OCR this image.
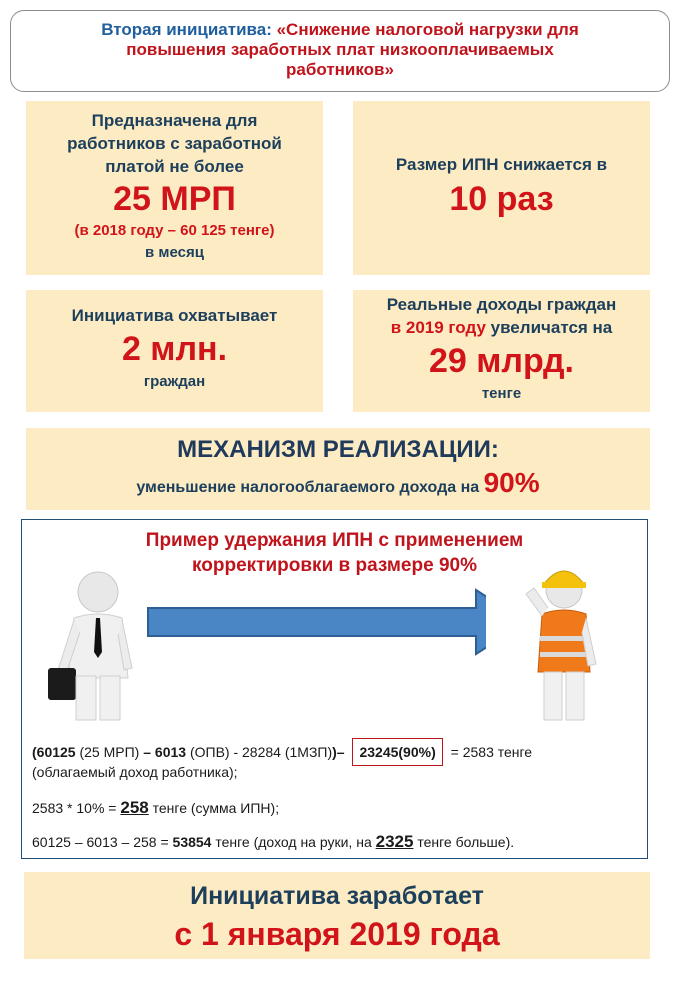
Вторая инициатива: «Снижение налоговой нагрузки для
повышения заработных плат низкооплачиваемых
работников»
Предназначена для
работников с заработной
платой не более
25 МРП
(в 2018 году – 60 125 тенге)
в месяц
Размер ИПН снижается в
10 раз
Инициатива охватывает
2 млн.
граждан
Реальные доходы граждан
в 2019 году увеличатся на
29 млрд.
тенге
МЕХАНИЗМ РЕАЛИЗАЦИИ:
уменьшение налогооблагаемого дохода на 90%
Пример удержания ИПН с применением
корректировки в размере 90%
(60125 (25 МРП) – 6013 (ОПВ) - 28284 (1МЗП))– 23245(90%) = 2583 тенге
(облагаемый доход работника);
2583 * 10% = 258 тенге (сумма ИПН);
60125 – 6013 – 258 = 53854 тенге (доход на руки, на 2325 тенге больше).
Инициатива заработает
с 1 января 2019 года
